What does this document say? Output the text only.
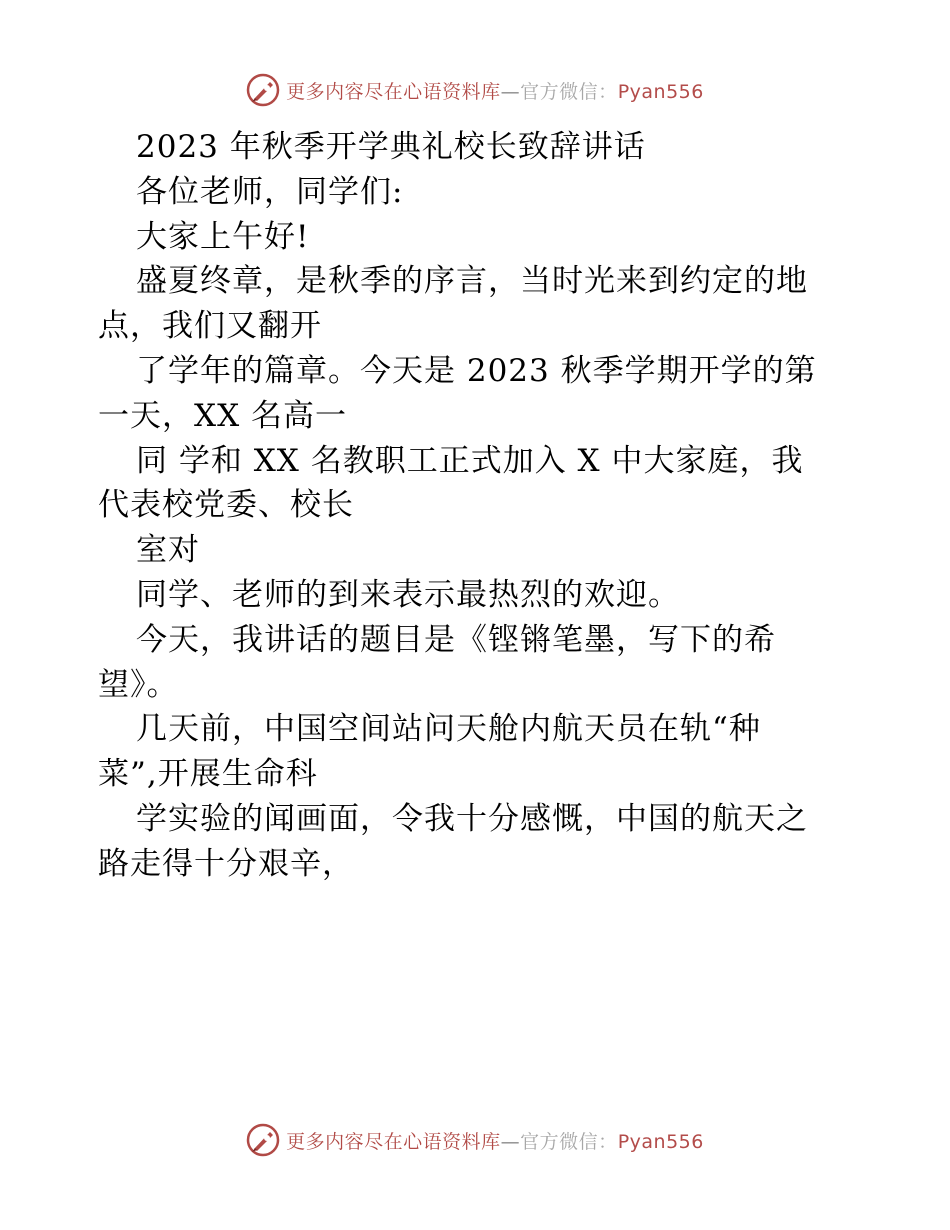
更多内容尽在心语资料库—官方微信：Pyan556
2023 年秋季开学典礼校长致辞讲话
各位老师，同学们:
大家上午好!
盛夏终章，是秋季的序言，当时光来到约定的地
点，我们又翻开
了学年的篇章。今天是 2023 秋季学期开学的第
一天，XX 名高一
同 学和 XX 名教职工正式加入 X 中大家庭，我
代表校党委、校长
室对
同学、老师的到来表示最热烈的欢迎。
今天，我讲话的题目是《铿锵笔墨，写下的希
望》。
几天前，中国空间站问天舱内航天员在轨“种
菜”,开展生命科
学实验的闻画面，令我十分感慨，中国的航天之
路走得十分艰辛，
更多内容尽在心语资料库—官方微信：Pyan556
